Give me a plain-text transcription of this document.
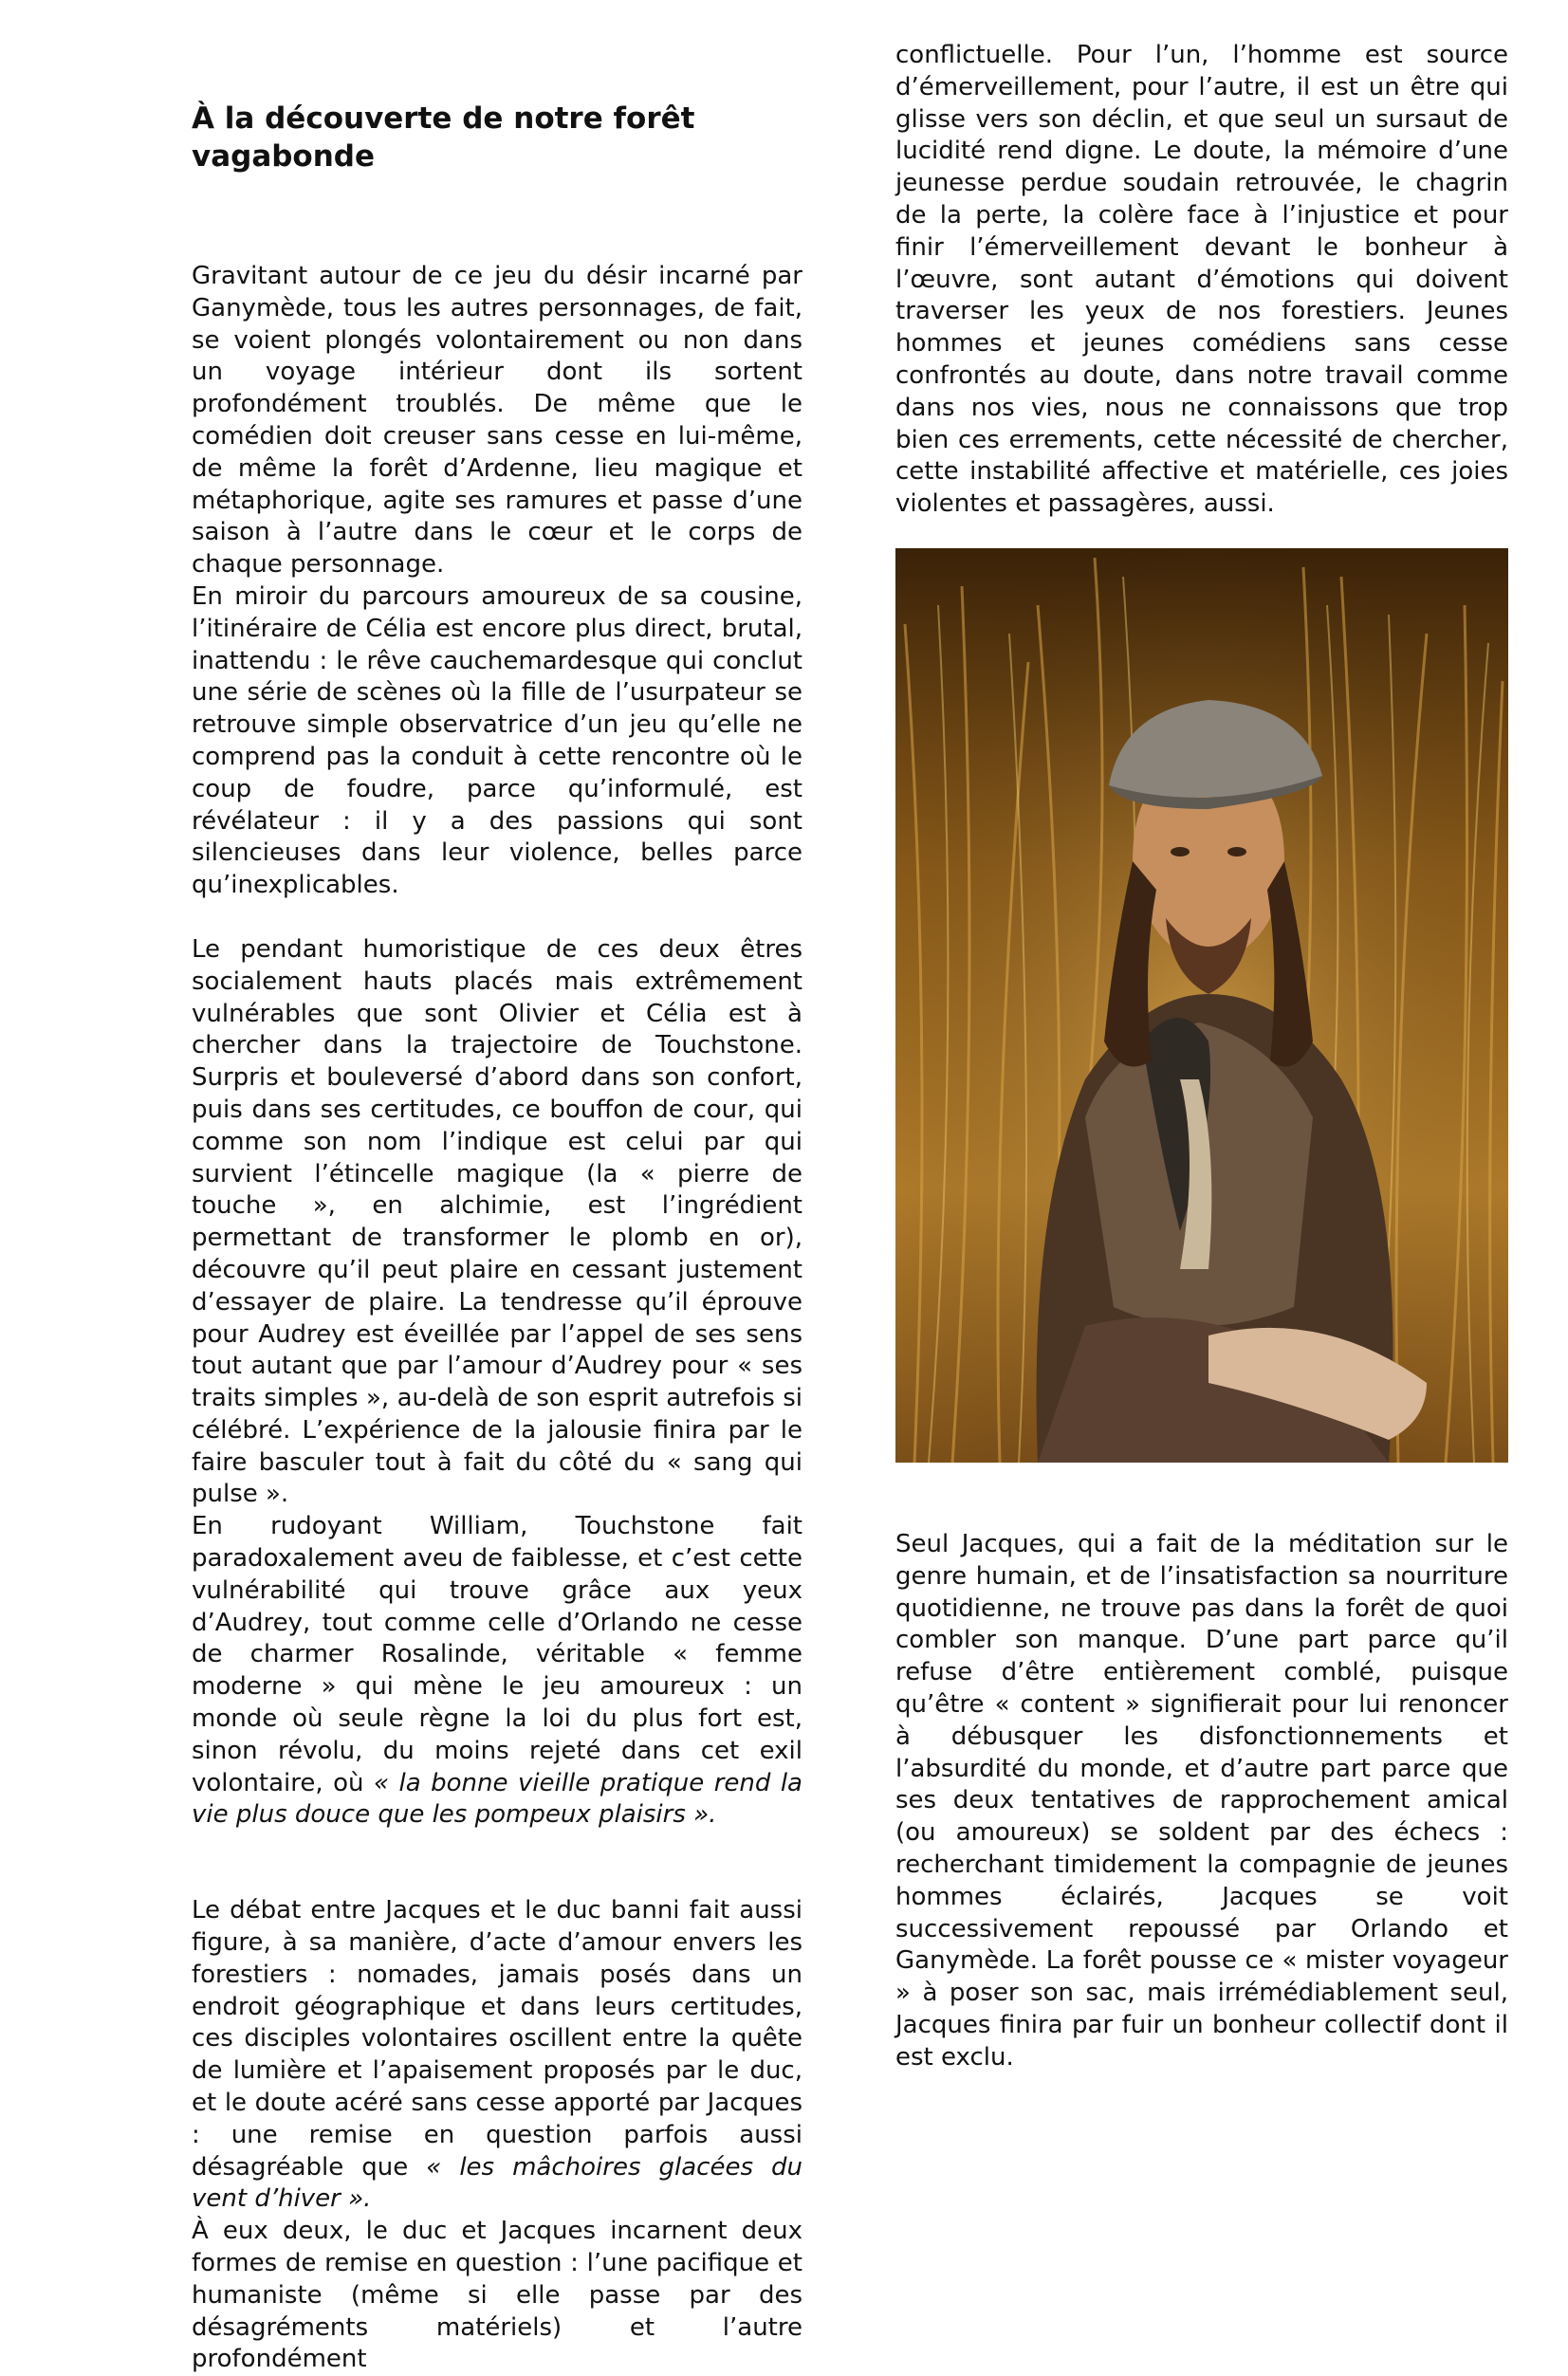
À la découverte de notre forêt vagabonde

Gravitant autour de ce jeu du désir incarné par Ganymède, tous les autres personnages, de fait, se voient plongés volontairement ou non dans un voyage intérieur dont ils sortent profondément troublés. De même que le comédien doit creuser sans cesse en lui-même, de même la forêt d’Ardenne, lieu magique et métaphorique, agite ses ramures et passe d’une saison à l’autre dans le cœur et le corps de chaque personnage.

En miroir du parcours amoureux de sa cousine, l’itinéraire de Célia est encore plus direct, brutal, inattendu : le rêve cauchemardesque qui conclut une série de scènes où la fille de l’usurpateur se retrouve simple observatrice d’un jeu qu’elle ne comprend pas la conduit à cette rencontre où le coup de foudre, parce qu’informulé, est révélateur : il y a des passions qui sont silencieuses dans leur violence, belles parce qu’inexplicables.

Le pendant humoristique de ces deux êtres socialement hauts placés mais extrêmement vulnérables que sont Olivier et Célia est à chercher dans la trajectoire de Touchstone. Surpris et bouleversé d’abord dans son confort, puis dans ses certitudes, ce bouffon de cour, qui comme son nom l’indique est celui par qui survient l’étincelle magique (la « pierre de touche », en alchimie, est l’ingrédient permettant de transformer le plomb en or), découvre qu’il peut plaire en cessant justement d’essayer de plaire. La tendresse qu’il éprouve pour Audrey est éveillée par l’appel de ses sens tout autant que par l’amour d’Audrey pour « ses traits simples », au-delà de son esprit autrefois si célébré. L’expérience de la jalousie finira par le faire basculer tout à fait du côté du « sang qui pulse ».

En rudoyant William, Touchstone fait paradoxalement aveu de faiblesse, et c’est cette vulnérabilité qui trouve grâce aux yeux d’Audrey, tout comme celle d’Orlando ne cesse de charmer Rosalinde, véritable « femme moderne » qui mène le jeu amoureux : un monde où seule règne la loi du plus fort est, sinon révolu, du moins rejeté dans cet exil volontaire, où « la bonne vieille pratique rend la vie plus douce que les pompeux plaisirs ».

Le débat entre Jacques et le duc banni fait aussi figure, à sa manière, d’acte d’amour envers les forestiers : nomades, jamais posés dans un endroit géographique et dans leurs certitudes, ces disciples volontaires oscillent entre la quête de lumière et l’apaisement proposés par le duc, et le doute acéré sans cesse apporté par Jacques : une remise en question parfois aussi désagréable que « les mâchoires glacées du vent d’hiver ».

À eux deux, le duc et Jacques incarnent deux formes de remise en question : l’une pacifique et humaniste (même si elle passe par des désagréments matériels) et l’autre profondément

conflictuelle. Pour l’un, l’homme est source d’émerveillement, pour l’autre, il est un être qui glisse vers son déclin, et que seul un sursaut de lucidité rend digne. Le doute, la mémoire d’une jeunesse perdue soudain retrouvée, le chagrin de la perte, la colère face à l’injustice et pour finir l’émerveillement devant le bonheur à l’œuvre, sont autant d’émotions qui doivent traverser les yeux de nos forestiers. Jeunes hommes et jeunes comédiens sans cesse confrontés au doute, dans notre travail comme dans nos vies, nous ne connaissons que trop bien ces errements, cette nécessité de chercher, cette instabilité affective et matérielle, ces joies violentes et passagères, aussi.

Seul Jacques, qui a fait de la méditation sur le genre humain, et de l’insatisfaction sa nourriture quotidienne, ne trouve pas dans la forêt de quoi combler son manque. D’une part parce qu’il refuse d’être entièrement comblé, puisque qu’être « content » signifierait pour lui renoncer à débusquer les disfonctionnements et l’absurdité du monde, et d’autre part parce que ses deux tentatives de rapprochement amical (ou amoureux) se soldent par des échecs : recherchant timidement la compagnie de jeunes hommes éclairés, Jacques se voit successivement repoussé par Orlando et Ganymède. La forêt pousse ce « mister voyageur » à poser son sac, mais irrémédiablement seul, Jacques finira par fuir un bonheur collectif dont il est exclu.
